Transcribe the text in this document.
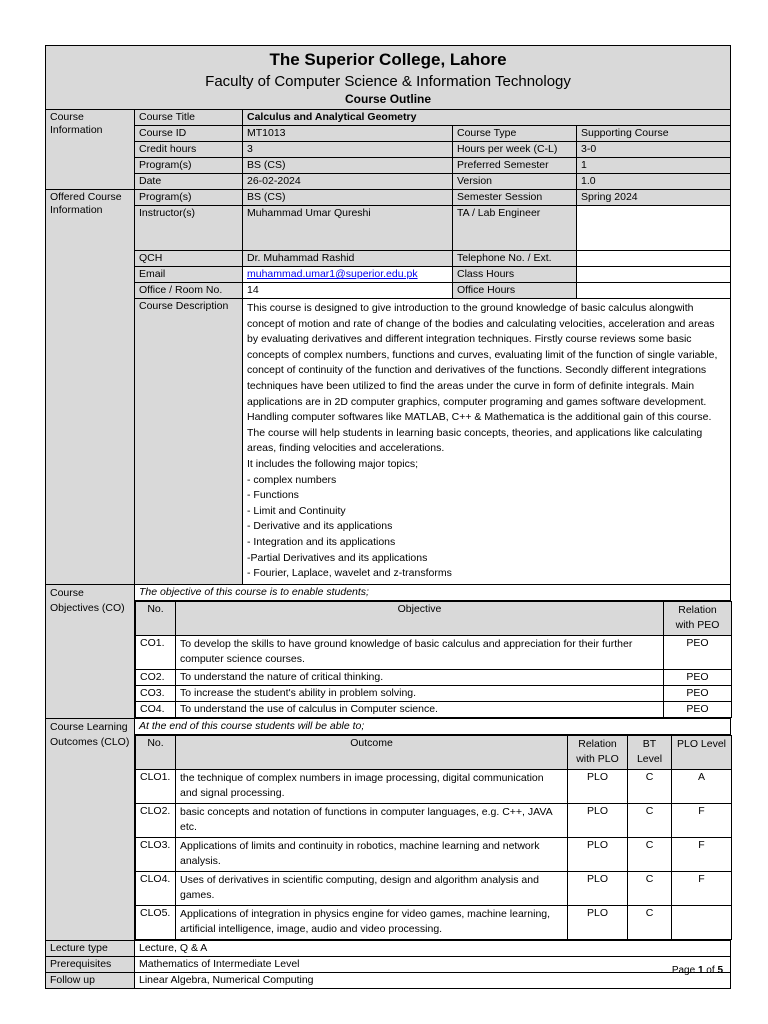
The Superior College, Lahore
Faculty of Computer Science & Information Technology
Course Outline

Course Information	Course Title	Calculus and Analytical Geometry
Course ID	MT1013	Course Type	Supporting Course
Credit hours	3	Hours per week (C-L)	3-0
Program(s)	BS (CS)	Preferred Semester	1
Date	26-02-2024	Version	1.0
Offered Course Information	Program(s)	BS (CS)	Semester Session	Spring 2024
Instructor(s)	Muhammad Umar Qureshi	TA / Lab Engineer	
QCH	Dr. Muhammad Rashid	Telephone No. / Ext.	
Email	muhammad.umar1@superior.edu.pk	Class Hours	
Office / Room No.	14	Office Hours	
Course Description	This course is designed to give introduction to the ground knowledge of basic calculus alongwith concept of motion and rate of change of the bodies and calculating velocities, acceleration and areas by evaluating derivatives and different integration techniques. Firstly course reviews some basic concepts of complex numbers, functions and curves, evaluating limit of the function of single variable, concept of continuity of the function and derivatives of the functions. Secondly different integrations techniques have been utilized to find the areas under the curve in form of definite integrals. Main applications are in 2D computer graphics, computer programing and games software development. Handling computer softwares like MATLAB, C++ & Mathematica is the additional gain of this course. The course will help students in learning basic concepts, theories, and applications like calculating areas, finding velocities and accelerations.
It includes the following major topics;
- complex numbers
- Functions
- Limit and Continuity
- Derivative and its applications
- Integration and its applications
-Partial Derivatives and its applications
- Fourier, Laplace, wavelet and z-transforms

Course Objectives (CO)	The objective of this course is to enable students;

No.	Objective	Relation with PEO
CO1.	To develop the skills to have ground knowledge of basic calculus and appreciation for their further computer science courses.	PEO
CO2.	To understand the nature of critical thinking.	PEO
CO3.	To increase the student's ability in problem solving.	PEO
CO4.	To understand the use of calculus in Computer science.	PEO

Course Learning Outcomes (CLO)	At the end of this course students will be able to;

No.	Outcome	Relation with PLO	BT Level	PLO Level
CLO1.	the technique of complex numbers in image processing, digital communication and signal processing.	PLO	C	A
CLO2.	basic concepts and notation of functions in computer languages, e.g. C++, JAVA etc.	PLO	C	F
CLO3.	Applications of limits and continuity in robotics, machine learning and network analysis.	PLO	C	F
CLO4.	Uses of derivatives in scientific computing, design and algorithm analysis and games.	PLO	C	F
CLO5.	Applications of integration in physics engine for video games, machine learning, artificial intelligence, image, audio and video processing.	PLO	C	

Lecture type	Lecture, Q & A
Prerequisites	Mathematics of Intermediate Level
Follow up	Linear Algebra, Numerical Computing
Page 1 of 5
